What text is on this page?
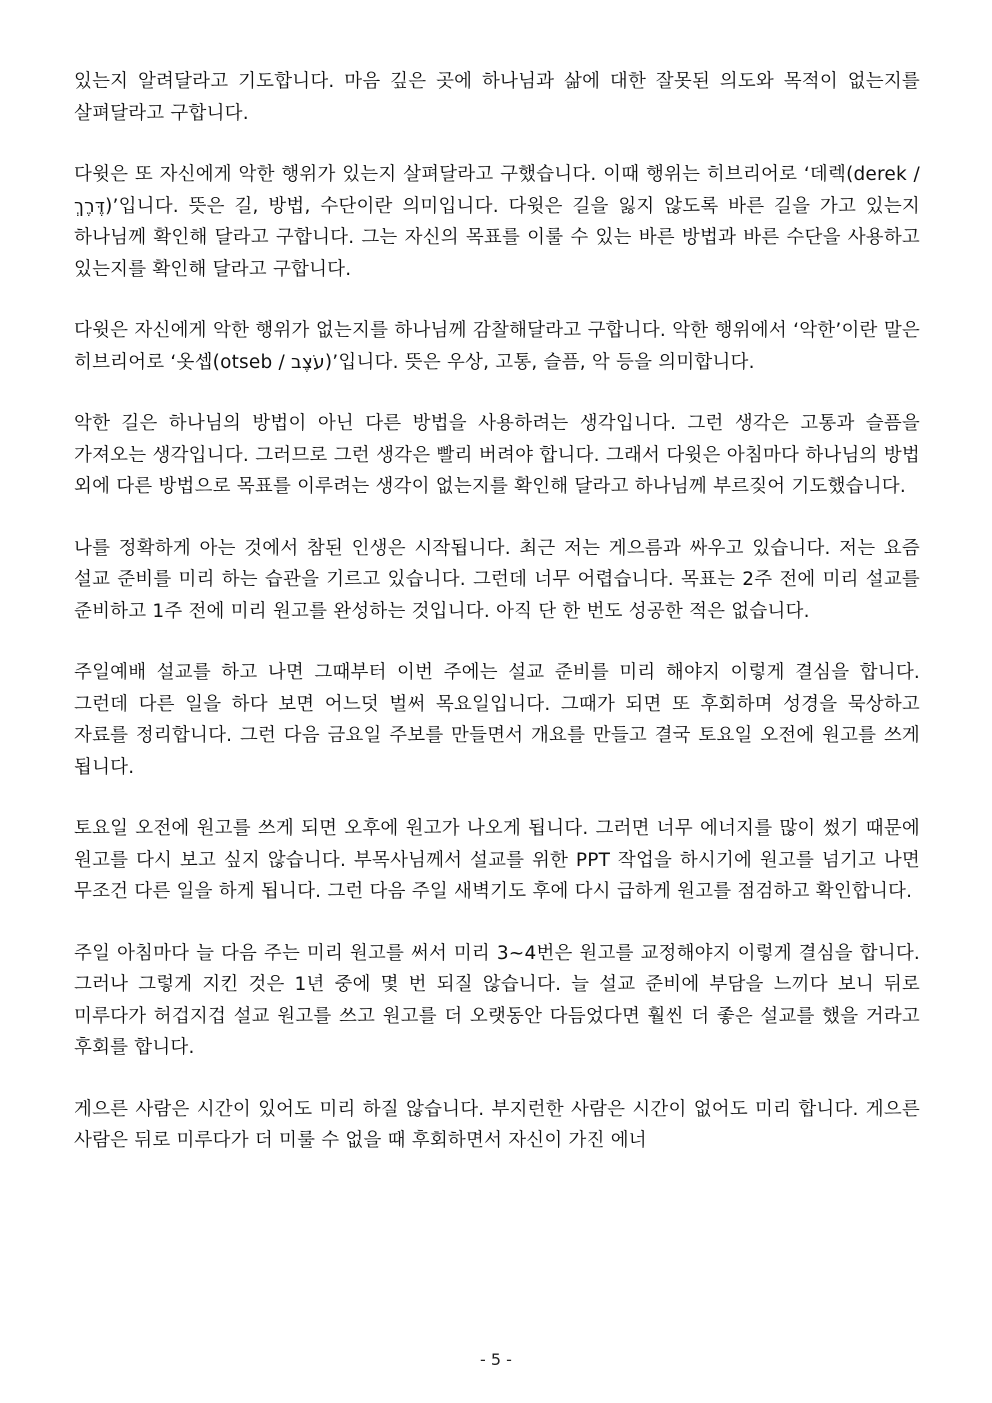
있는지 알려달라고 기도합니다. 마음 깊은 곳에 하나님과 삶에 대한 잘못된 의도와 목적이 없는지를 살펴달라고 구합니다.

다윗은 또 자신에게 악한 행위가 있는지 살펴달라고 구했습니다. 이때 행위는 히브리어로 ‘데렉(derek / דֶּרֶךְ)’입니다. 뜻은 길, 방법, 수단이란 의미입니다. 다윗은 길을 잃지 않도록 바른 길을 가고 있는지 하나님께 확인해 달라고 구합니다. 그는 자신의 목표를 이룰 수 있는 바른 방법과 바른 수단을 사용하고 있는지를 확인해 달라고 구합니다.

다윗은 자신에게 악한 행위가 없는지를 하나님께 감찰해달라고 구합니다. 악한 행위에서 ‘악한’이란 말은 히브리어로 ‘옷셉(otseb / עֹצֶב)’입니다. 뜻은 우상, 고통, 슬픔, 악 등을 의미합니다.

악한 길은 하나님의 방법이 아닌 다른 방법을 사용하려는 생각입니다. 그런 생각은 고통과 슬픔을 가져오는 생각입니다. 그러므로 그런 생각은 빨리 버려야 합니다. 그래서 다윗은 아침마다 하나님의 방법 외에 다른 방법으로 목표를 이루려는 생각이 없는지를 확인해 달라고 하나님께 부르짖어 기도했습니다.

나를 정확하게 아는 것에서 참된 인생은 시작됩니다. 최근 저는 게으름과 싸우고 있습니다. 저는 요즘 설교 준비를 미리 하는 습관을 기르고 있습니다. 그런데 너무 어렵습니다. 목표는 2주 전에 미리 설교를 준비하고 1주 전에 미리 원고를 완성하는 것입니다. 아직 단 한 번도 성공한 적은 없습니다.

주일예배 설교를 하고 나면 그때부터 이번 주에는 설교 준비를 미리 해야지 이렇게 결심을 합니다. 그런데 다른 일을 하다 보면 어느덧 벌써 목요일입니다. 그때가 되면 또 후회하며 성경을 묵상하고 자료를 정리합니다. 그런 다음 금요일 주보를 만들면서 개요를 만들고 결국 토요일 오전에 원고를 쓰게 됩니다.

토요일 오전에 원고를 쓰게 되면 오후에 원고가 나오게 됩니다. 그러면 너무 에너지를 많이 썼기 때문에 원고를 다시 보고 싶지 않습니다. 부목사님께서 설교를 위한 PPT 작업을 하시기에 원고를 넘기고 나면 무조건 다른 일을 하게 됩니다. 그런 다음 주일 새벽기도 후에 다시 급하게 원고를 점검하고 확인합니다.

주일 아침마다 늘 다음 주는 미리 원고를 써서 미리 3~4번은 원고를 교정해야지 이렇게 결심을 합니다. 그러나 그렇게 지킨 것은 1년 중에 몇 번 되질 않습니다. 늘 설교 준비에 부담을 느끼다 보니 뒤로 미루다가 허겁지겁 설교 원고를 쓰고 원고를 더 오랫동안 다듬었다면 훨씬 더 좋은 설교를 했을 거라고 후회를 합니다.

게으른 사람은 시간이 있어도 미리 하질 않습니다. 부지런한 사람은 시간이 없어도 미리 합니다. 게으른 사람은 뒤로 미루다가 더 미룰 수 없을 때 후회하면서 자신이 가진 에너

- 5 -
